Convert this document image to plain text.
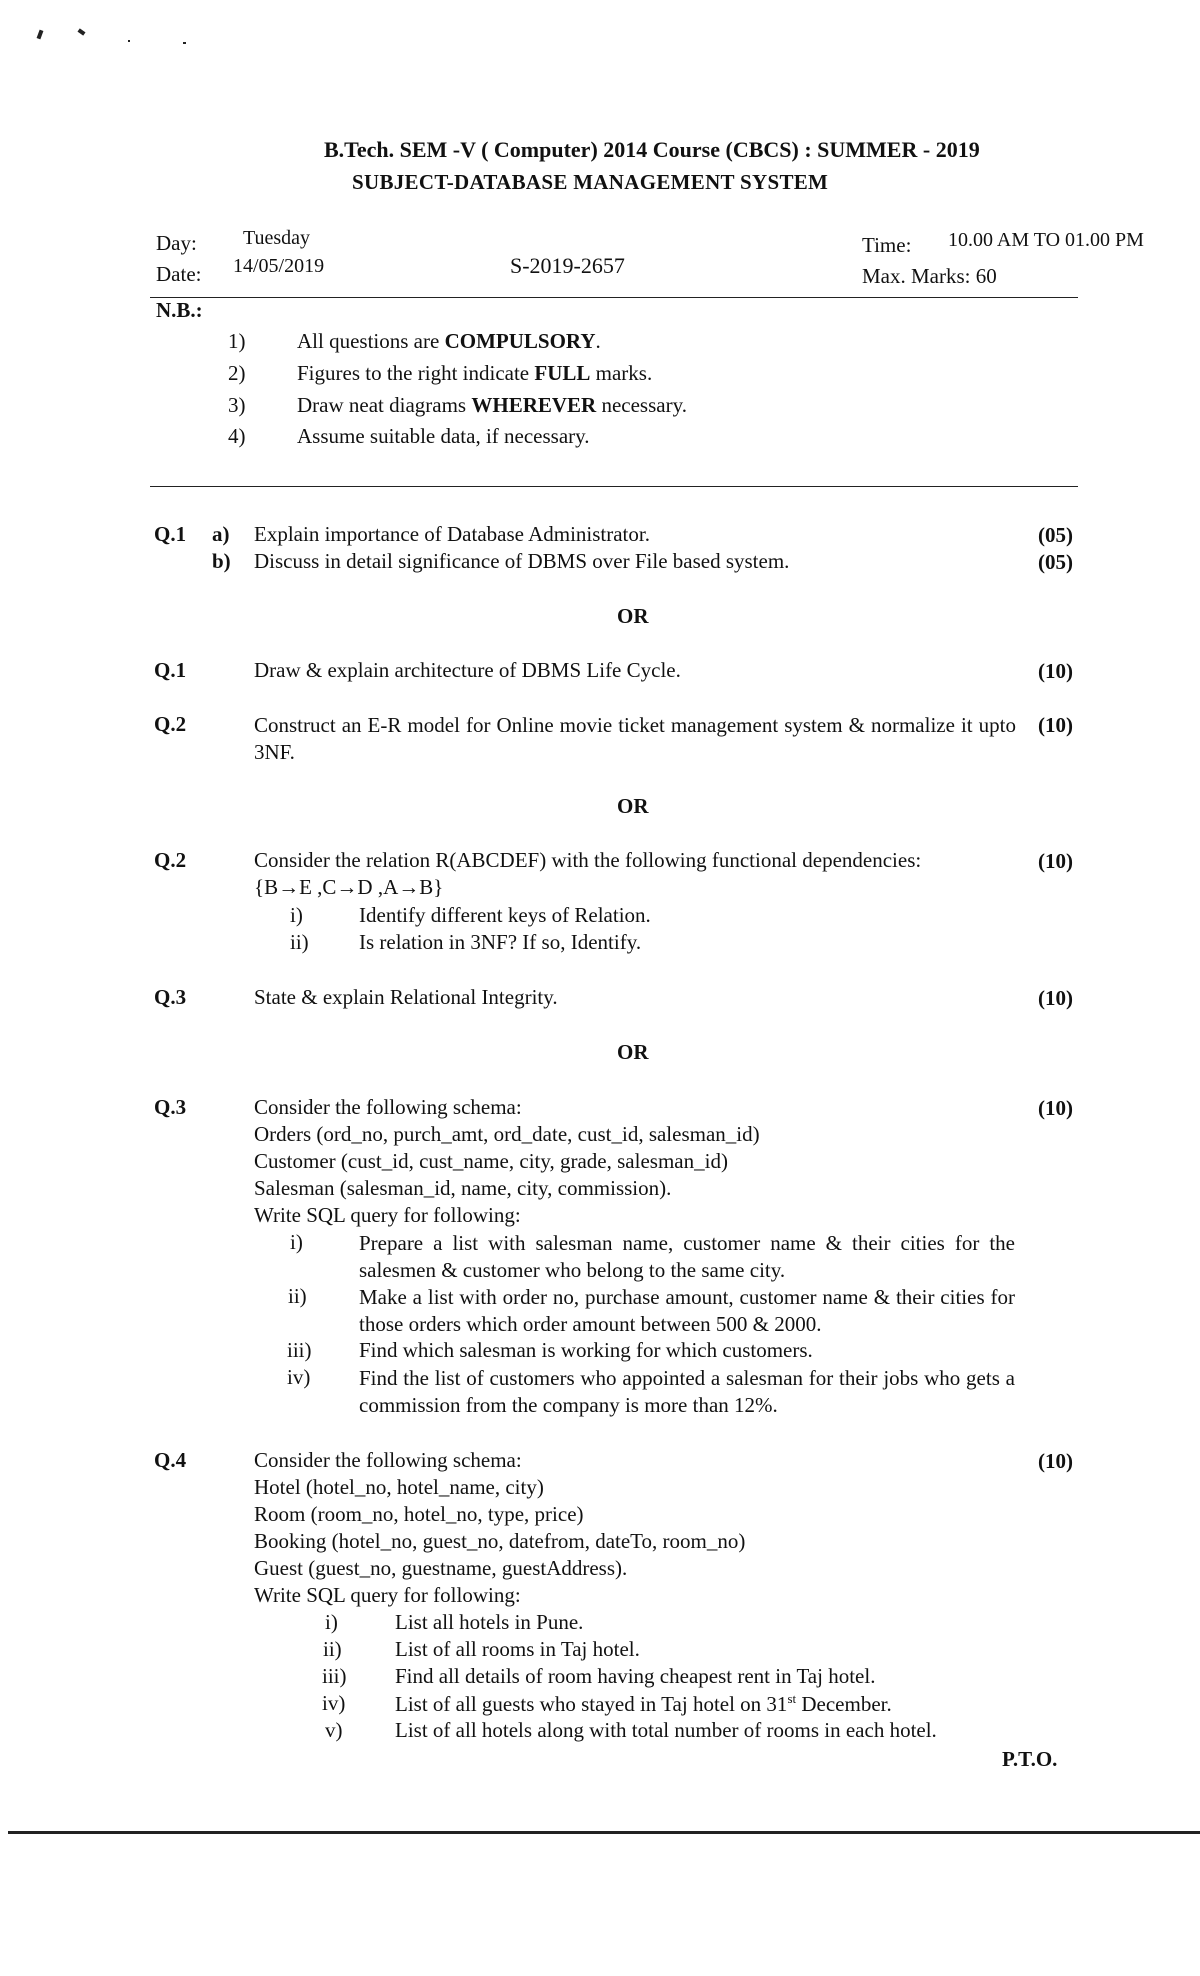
B.Tech. SEM -V ( Computer) 2014 Course (CBCS) : SUMMER - 2019
SUBJECT-DATABASE MANAGEMENT SYSTEM
Day: Tuesday
Date: 14/05/2019	S-2019-2657
Time: 10.00 AM TO 01.00 PM
Max. Marks: 60
N.B.:
1) All questions are COMPULSORY.
2) Figures to the right indicate FULL marks.
3) Draw neat diagrams WHEREVER necessary.
4) Assume suitable data, if necessary.
Q.1 a) Explain importance of Database Administrator.	(05)
b) Discuss in detail significance of DBMS over File based system.	(05)
OR
Q.1	Draw & explain architecture of DBMS Life Cycle.	(10)
Q.2	Construct an E-R model for Online movie ticket management system & normalize it upto 3NF.
(10)
OR
Q.2	Consider the relation R(ABCDEF) with the following functional dependencies:	(10)
{B→E ,C→D ,A→B}
i)	Identify different keys of Relation.
ii) Is relation in 3NF? If so, Identify.
Q.3	State & explain Relational Integrity.	(10)
OR
Q.3	(10)
Consider the following schema:
Orders (ord_no, purch_amt, ord_date, cust_id, salesman_id)
Customer (cust_id, cust_name, city, grade, salesman_id)
Salesman (salesman_id, name, city, commission).
Write SQL query for following:
i)	Prepare a list with salesman name, customer name & their cities for the salesmen & customer who belong to the same city.
ii) Make a list with order no, purchase amount, customer name & their cities for those orders which order amount between 500 & 2000.
iii) Find which salesman is working for which customers.
iv) Find the list of customers who appointed a salesman for their jobs who gets a commission from the company is more than 12%.
Q.4	(10)
Consider the following schema:
Hotel (hotel_no, hotel_name, city)
Room (room_no, hotel_no, type, price)
Booking (hotel_no, guest_no, datefrom, dateTo, room_no)
Guest (guest_no, guestname, guestAddress).
Write SQL query for following:
i)	List all hotels in Pune.
ii)	List of all rooms in Taj hotel.
iii) Find all details of room having cheapest rent in Taj hotel.
iv) List of all guests who stayed in Taj hotel on 31st December.
v)	List of all hotels along with total number of rooms in each hotel.
P.T.O.
